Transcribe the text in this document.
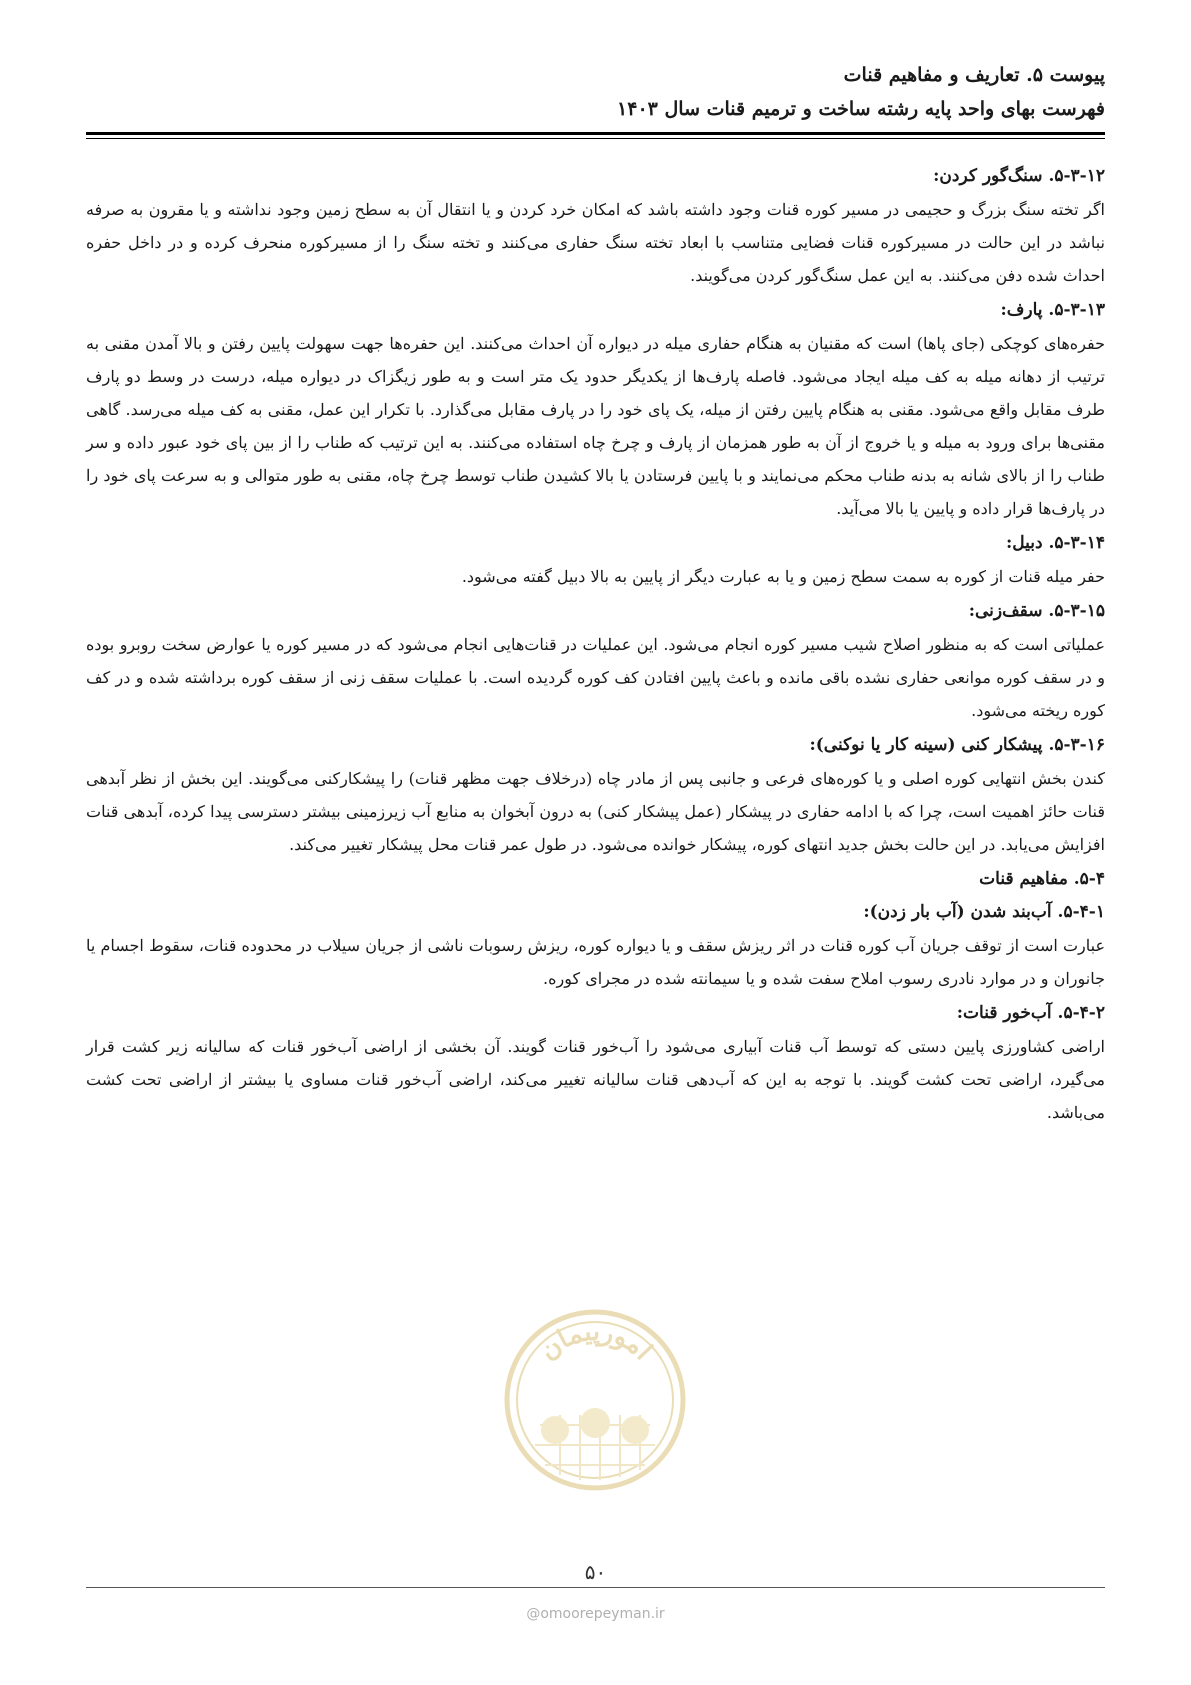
پیوست ۵. تعاریف و مفاهیم قنات
فهرست بهای واحد پایه رشته ساخت و ترمیم قنات سال ۱۴۰۳

۵-۳-۱۲. سنگ‌گور کردن:

اگر تخته سنگ بزرگ و حجیمی در مسیر کوره قنات وجود داشته باشد که امکان خرد کردن و یا انتقال آن به سطح زمین وجود نداشته و یا مقرون به صرفه نباشد در این حالت در مسیرکوره قنات فضایی متناسب با ابعاد تخته سنگ حفاری می‌کنند و تخته سنگ را از مسیرکوره منحرف کرده و در داخل حفره احداث شده دفن می‌کنند. به این عمل سنگ‌گور کردن می‌گویند.

۵-۳-۱۳. پارف:

حفره‌های کوچکی (جای پاها) است که مقنیان به هنگام حفاری میله در دیواره آن احداث می‌کنند. این حفره‌ها جهت سهولت پایین رفتن و بالا آمدن مقنی به ترتیب از دهانه میله به کف میله ایجاد می‌شود. فاصله پارف‌ها از یکدیگر حدود یک متر است و به طور زیگزاک در دیواره میله، درست در وسط دو پارف طرف مقابل واقع می‌شود. مقنی به هنگام پایین رفتن از میله، یک پای خود را در پارف مقابل می‌گذارد. با تکرار این عمل، مقنی به کف میله می‌رسد. گاهی مقنی‌ها برای ورود به میله و یا خروج از آن به طور همزمان از پارف و چرخ چاه استفاده می‌کنند. به این ترتیب که طناب را از بین پای خود عبور داده و سر طناب را از بالای شانه به بدنه طناب محکم می‌نمایند و با پایین فرستادن یا بالا کشیدن طناب توسط چرخ چاه، مقنی به طور متوالی و به سرعت پای خود را در پارف‌ها قرار داده و پایین یا بالا می‌آید.

۵-۳-۱۴. دبیل:

حفر میله قنات از کوره به سمت سطح زمین و یا به عبارت دیگر از پایین به بالا دبیل گفته می‌شود.

۵-۳-۱۵. سقف‌زنی:

عملیاتی است که به منظور اصلاح شیب مسیر کوره انجام می‌شود. این عملیات در قنات‌هایی انجام می‌شود که در مسیر کوره یا عوارض سخت روبرو بوده و در سقف کوره موانعی حفاری نشده باقی مانده و باعث پایین افتادن کف کوره گردیده است. با عملیات سقف زنی از سقف کوره برداشته شده و در کف کوره ریخته می‌شود.

۵-۳-۱۶. پیشکار کنی (سینه کار یا نوکنی):

کندن بخش انتهایی کوره اصلی و یا کوره‌های فرعی و جانبی پس از مادر چاه (درخلاف جهت مظهر قنات) را پیشکارکنی می‌گویند. این بخش از نظر آبدهی قنات حائز اهمیت است، چرا که با ادامه حفاری در پیشکار (عمل پیشکار کنی) به درون آبخوان به منابع آب زیرزمینی بیشتر دسترسی پیدا کرده، آبدهی قنات افزایش می‌یابد. در این حالت بخش جدید انتهای کوره، پیشکار خوانده می‌شود. در طول عمر قنات محل پیشکار تغییر می‌کند.

۵-۴. مفاهیم قنات

۵-۴-۱. آب‌بند شدن (آب بار زدن):

عبارت است از توقف جریان آب کوره قنات در اثر ریزش سقف و یا دیواره کوره، ریزش رسوبات ناشی از جریان سیلاب در محدوده قنات، سقوط اجسام یا جانوران و در موارد نادری رسوب املاح سفت شده و یا سیمانته شده در مجرای کوره.

۵-۴-۲. آب‌خور قنات:

اراضی کشاورزی پایین دستی که توسط آب قنات آبیاری می‌شود را آب‌خور قنات گویند. آن بخشی از اراضی آب‌خور قنات که سالیانه زیر کشت قرار می‌گیرد، اراضی تحت کشت گویند. با توجه به این که آب‌دهی قنات سالیانه تغییر می‌کند، اراضی آب‌خور قنات مساوی یا بیشتر از اراضی تحت کشت می‌باشد.

امورپیمان
۵۰
@omoorepeyman.ir
